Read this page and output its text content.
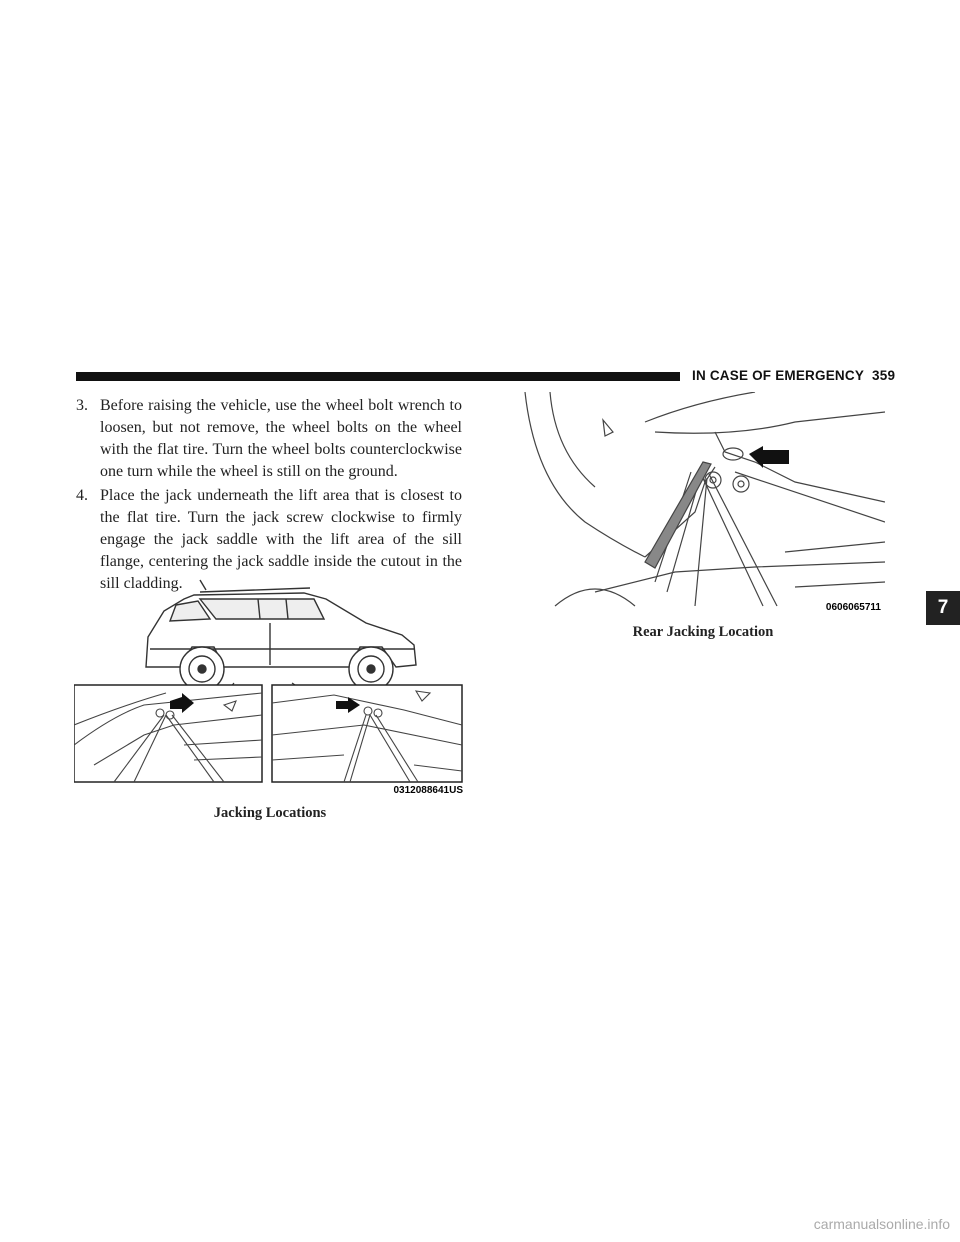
IN CASE OF EMERGENCY 359
3. Before raising the vehicle, use the wheel bolt wrench to loosen, but not remove, the wheel bolts on the wheel with the flat tire. Turn the wheel bolts counterclockwise one turn while the wheel is still on the ground.
4. Place the jack underneath the lift area that is closest to the flat tire. Turn the jack screw clockwise to firmly engage the jack saddle with the lift area of the sill flange, centering the jack saddle inside the cutout in the sill cladding.
0312088641US
Jacking Locations
0606065711
Rear Jacking Location
7
carmanualsonline.info
